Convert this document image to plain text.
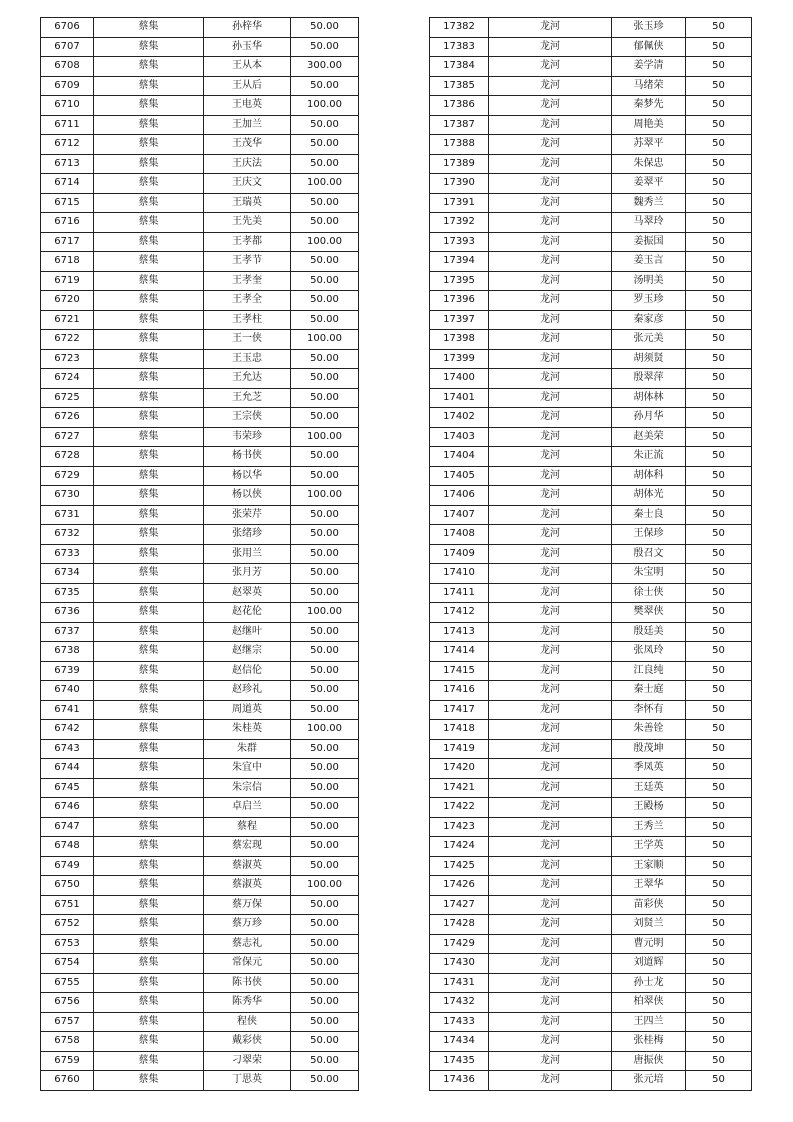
6706	蔡集	孙梓华	50.00
6707	蔡集	孙玉华	50.00
6708	蔡集	王从本	300.00
6709	蔡集	王从后	50.00
6710	蔡集	王电英	100.00
6711	蔡集	王加兰	50.00
6712	蔡集	王茂华	50.00
6713	蔡集	王庆法	50.00
6714	蔡集	王庆文	100.00
6715	蔡集	王瑞英	50.00
6716	蔡集	王先美	50.00
6717	蔡集	王孝都	100.00
6718	蔡集	王孝节	50.00
6719	蔡集	王孝奎	50.00
6720	蔡集	王孝全	50.00
6721	蔡集	王孝柱	50.00
6722	蔡集	王一侠	100.00
6723	蔡集	王玉忠	50.00
6724	蔡集	王允达	50.00
6725	蔡集	王允芝	50.00
6726	蔡集	王宗侠	50.00
6727	蔡集	韦荣珍	100.00
6728	蔡集	杨书侠	50.00
6729	蔡集	杨以华	50.00
6730	蔡集	杨以侠	100.00
6731	蔡集	张荣芹	50.00
6732	蔡集	张绪珍	50.00
6733	蔡集	张用兰	50.00
6734	蔡集	张月芳	50.00
6735	蔡集	赵翠英	50.00
6736	蔡集	赵花伦	100.00
6737	蔡集	赵继叶	50.00
6738	蔡集	赵继宗	50.00
6739	蔡集	赵信伦	50.00
6740	蔡集	赵珍礼	50.00
6741	蔡集	周道英	50.00
6742	蔡集	朱桂英	100.00
6743	蔡集	朱群	50.00
6744	蔡集	朱宜中	50.00
6745	蔡集	朱宗信	50.00
6746	蔡集	卓启兰	50.00
6747	蔡集	蔡程	50.00
6748	蔡集	蔡宏现	50.00
6749	蔡集	蔡淑英	50.00
6750	蔡集	蔡淑英	100.00
6751	蔡集	蔡万保	50.00
6752	蔡集	蔡万珍	50.00
6753	蔡集	蔡志礼	50.00
6754	蔡集	常保元	50.00
6755	蔡集	陈书侠	50.00
6756	蔡集	陈秀华	50.00
6757	蔡集	程侠	50.00
6758	蔡集	戴彩侠	50.00
6759	蔡集	刁翠荣	50.00
6760	蔡集	丁思英	50.00
17382	龙河	张玉珍	50
17383	龙河	郁佩侠	50
17384	龙河	姜学清	50
17385	龙河	马绪荣	50
17386	龙河	秦梦先	50
17387	龙河	周艳美	50
17388	龙河	苏翠平	50
17389	龙河	朱保忠	50
17390	龙河	姜翠平	50
17391	龙河	魏秀兰	50
17392	龙河	马翠玲	50
17393	龙河	姜振国	50
17394	龙河	姜玉言	50
17395	龙河	汤明美	50
17396	龙河	罗玉珍	50
17397	龙河	秦家彦	50
17398	龙河	张元美	50
17399	龙河	胡须贤	50
17400	龙河	殷翠萍	50
17401	龙河	胡体林	50
17402	龙河	孙月华	50
17403	龙河	赵美荣	50
17404	龙河	朱正流	50
17405	龙河	胡体科	50
17406	龙河	胡体光	50
17407	龙河	秦士良	50
17408	龙河	王保珍	50
17409	龙河	殷召文	50
17410	龙河	朱宝明	50
17411	龙河	徐士侠	50
17412	龙河	樊翠侠	50
17413	龙河	殷廷美	50
17414	龙河	张凤玲	50
17415	龙河	江良纯	50
17416	龙河	秦士庭	50
17417	龙河	李怀有	50
17418	龙河	朱善铨	50
17419	龙河	殷茂坤	50
17420	龙河	季凤英	50
17421	龙河	王廷英	50
17422	龙河	王殿杨	50
17423	龙河	王秀兰	50
17424	龙河	王学英	50
17425	龙河	王家顺	50
17426	龙河	王翠华	50
17427	龙河	苗彩侠	50
17428	龙河	刘贤兰	50
17429	龙河	曹元明	50
17430	龙河	刘道辉	50
17431	龙河	孙士龙	50
17432	龙河	柏翠侠	50
17433	龙河	王四兰	50
17434	龙河	张桂梅	50
17435	龙河	唐振侠	50
17436	龙河	张元培	50
